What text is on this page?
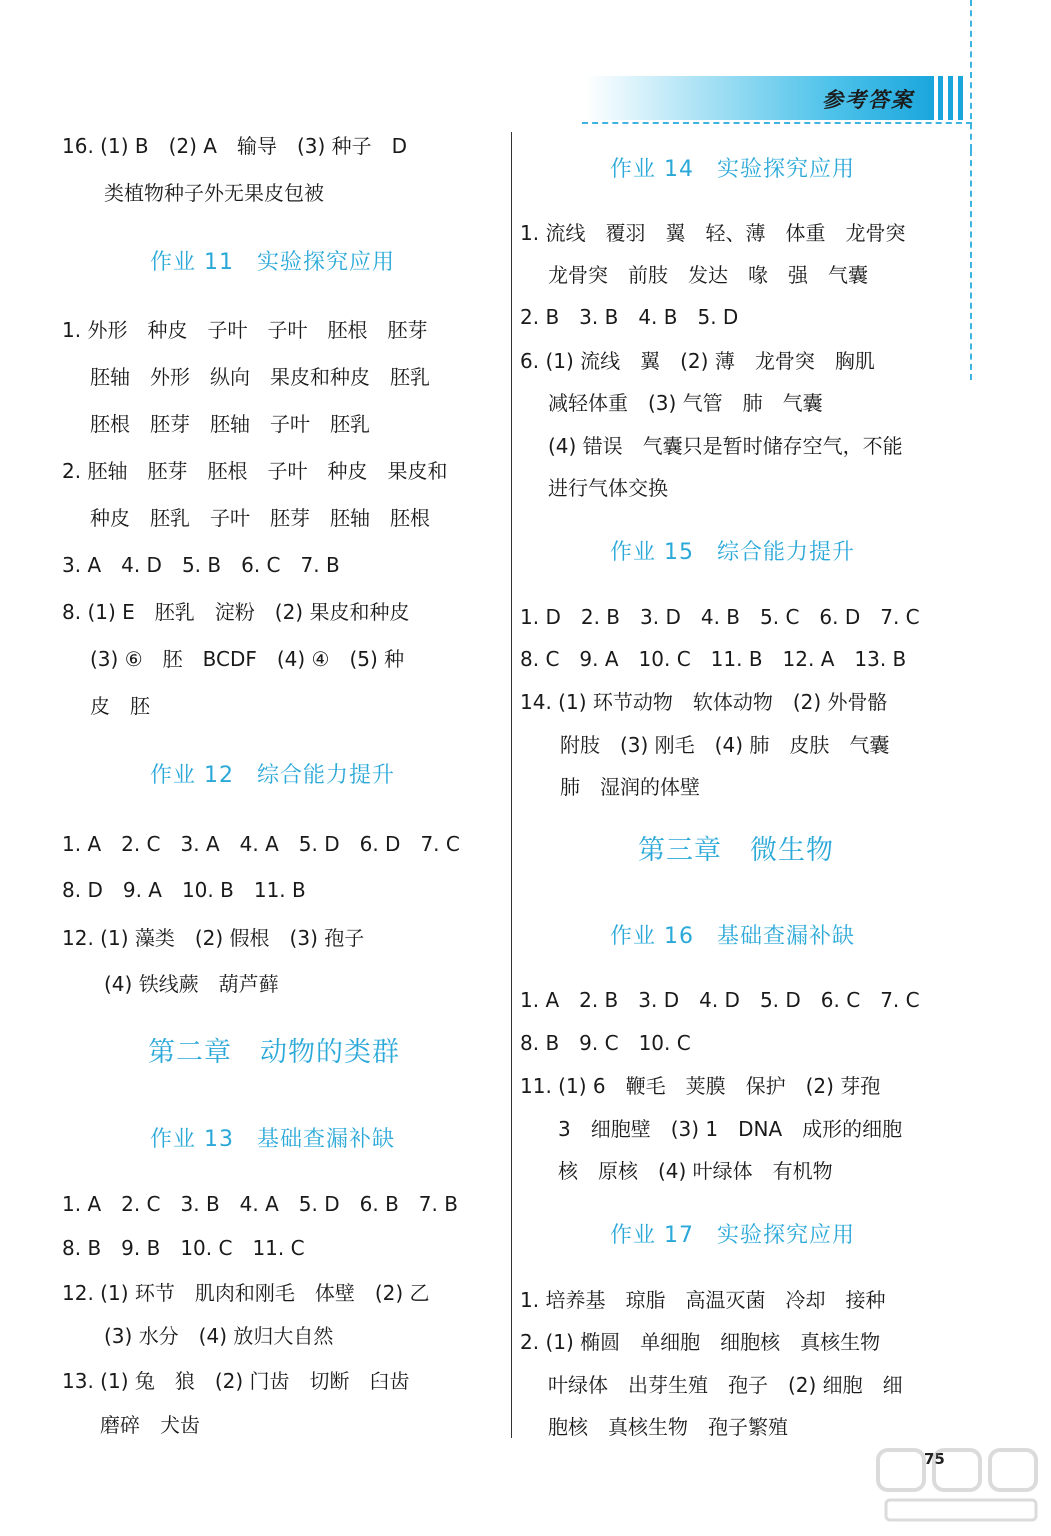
参考答案
16. (1) B　(2) A　输导　(3) 种子　D
类植物种子外无果皮包被
作业 11　实验探究应用
1. 外形　种皮　子叶　子叶　胚根　胚芽
胚轴　外形　纵向　果皮和种皮　胚乳
胚根　胚芽　胚轴　子叶　胚乳
2. 胚轴　胚芽　胚根　子叶　种皮　果皮和
种皮　胚乳　子叶　胚芽　胚轴　胚根
3. A　4. D　5. B　6. C　7. B
8. (1) E　胚乳　淀粉　(2) 果皮和种皮
(3) ⑥　胚　BCDF　(4) ④　(5) 种
皮　胚
作业 12　综合能力提升
1. A　2. C　3. A　4. A　5. D　6. D　7. C
8. D　9. A　10. B　11. B
12. (1) 藻类　(2) 假根　(3) 孢子
(4) 铁线蕨　葫芦藓
第二章　动物的类群
作业 13　基础查漏补缺
1. A　2. C　3. B　4. A　5. D　6. B　7. B
8. B　9. B　10. C　11. C
12. (1) 环节　肌肉和刚毛　体壁　(2) 乙
(3) 水分　(4) 放归大自然
13. (1) 兔　狼　(2) 门齿　切断　臼齿
磨碎　犬齿
作业 14　实验探究应用
1. 流线　覆羽　翼　轻、薄　体重　龙骨突
龙骨突　前肢　发达　喙　强　气囊
2. B　3. B　4. B　5. D
6. (1) 流线　翼　(2) 薄　龙骨突　胸肌
减轻体重　(3) 气管　肺　气囊
(4) 错误　气囊只是暂时储存空气，不能
进行气体交换
作业 15　综合能力提升
1. D　2. B　3. D　4. B　5. C　6. D　7. C
8. C　9. A　10. C　11. B　12. A　13. B
14. (1) 环节动物　软体动物　(2) 外骨骼
附肢　(3) 刚毛　(4) 肺　皮肤　气囊
肺　湿润的体壁
第三章　微生物
作业 16　基础查漏补缺
1. A　2. B　3. D　4. D　5. D　6. C　7. C
8. B　9. C　10. C
11. (1) 6　鞭毛　荚膜　保护　(2) 芽孢
3　细胞壁　(3) 1　DNA　成形的细胞
核　原核　(4) 叶绿体　有机物
作业 17　实验探究应用
1. 培养基　琼脂　高温灭菌　冷却　接种
2. (1) 椭圆　单细胞　细胞核　真核生物
叶绿体　出芽生殖　孢子　(2) 细胞　细
胞核　真核生物　孢子繁殖
75
